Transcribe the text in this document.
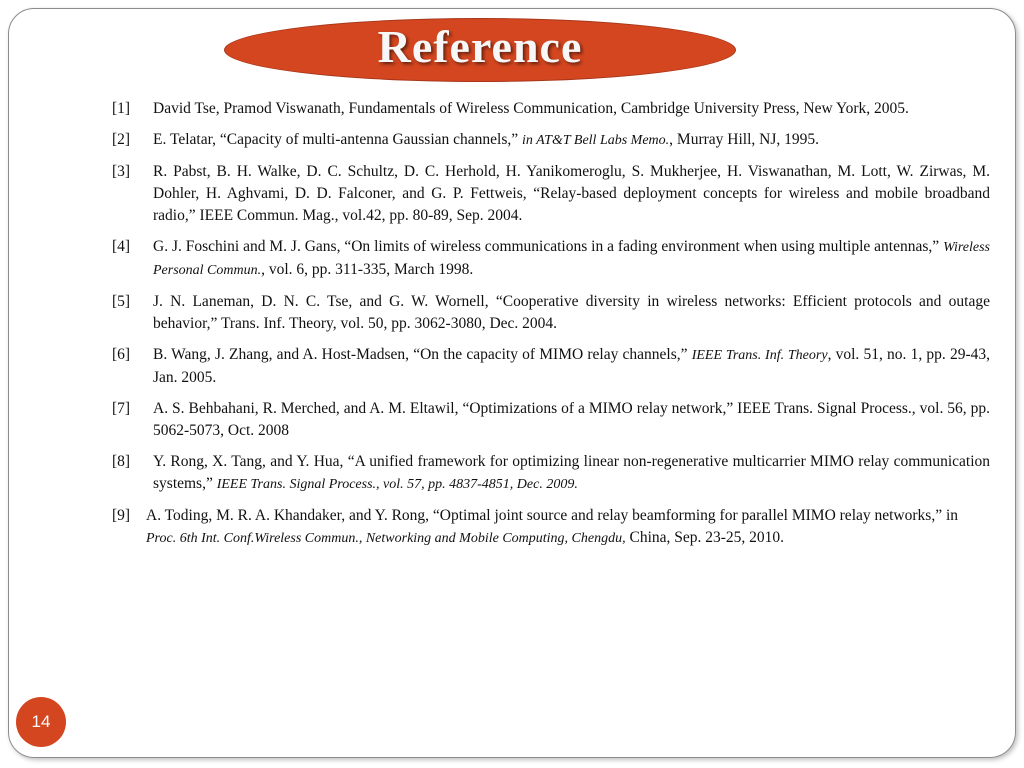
Reference
[1]	David Tse, Pramod Viswanath, Fundamentals of Wireless Communication, Cambridge University Press, New York, 2005.
[2]	E. Telatar, “Capacity of multi-antenna Gaussian channels,” in AT&T Bell Labs Memo., Murray Hill, NJ, 1995.
[3]	R. Pabst, B. H. Walke, D. C. Schultz, D. C. Herhold, H. Yanikomeroglu, S. Mukherjee, H. Viswanathan, M. Lott, W. Zirwas, M. Dohler, H. Aghvami, D. D. Falconer, and G. P. Fettweis, “Relay-based deployment concepts for wireless and mobile broadband radio,” IEEE Commun. Mag., vol.42, pp. 80-89, Sep. 2004.
[4]	G. J. Foschini and M. J. Gans, “On limits of wireless communications in a fading environment when using multiple antennas,” Wireless Personal Commun., vol. 6, pp. 311-335, March 1998.
[5]	J. N. Laneman, D. N. C. Tse, and G. W. Wornell, “Cooperative diversity in wireless networks: Efficient protocols and outage behavior,” Trans. Inf. Theory, vol. 50, pp. 3062-3080, Dec. 2004.
[6]	B. Wang, J. Zhang, and A. Host-Madsen, “On the capacity of MIMO relay channels,” IEEE Trans. Inf. Theory, vol. 51, no. 1, pp. 29-43, Jan. 2005.
[7]	A. S. Behbahani, R. Merched, and A. M. Eltawil, “Optimizations of a MIMO relay network,” IEEE Trans. Signal Process., vol. 56, pp. 5062-5073, Oct. 2008
[8]	Y. Rong, X. Tang, and Y. Hua, “A unified framework for optimizing linear non-regenerative multicarrier MIMO relay communication systems,” IEEE Trans. Signal Process., vol. 57, pp. 4837-4851, Dec. 2009.
[9]	A. Toding, M. R. A. Khandaker, and Y. Rong, “Optimal joint source and relay beamforming for parallel MIMO relay networks,” in Proc. 6th Int. Conf.Wireless Commun., Networking and Mobile Computing, Chengdu, China, Sep. 23-25, 2010.
14
